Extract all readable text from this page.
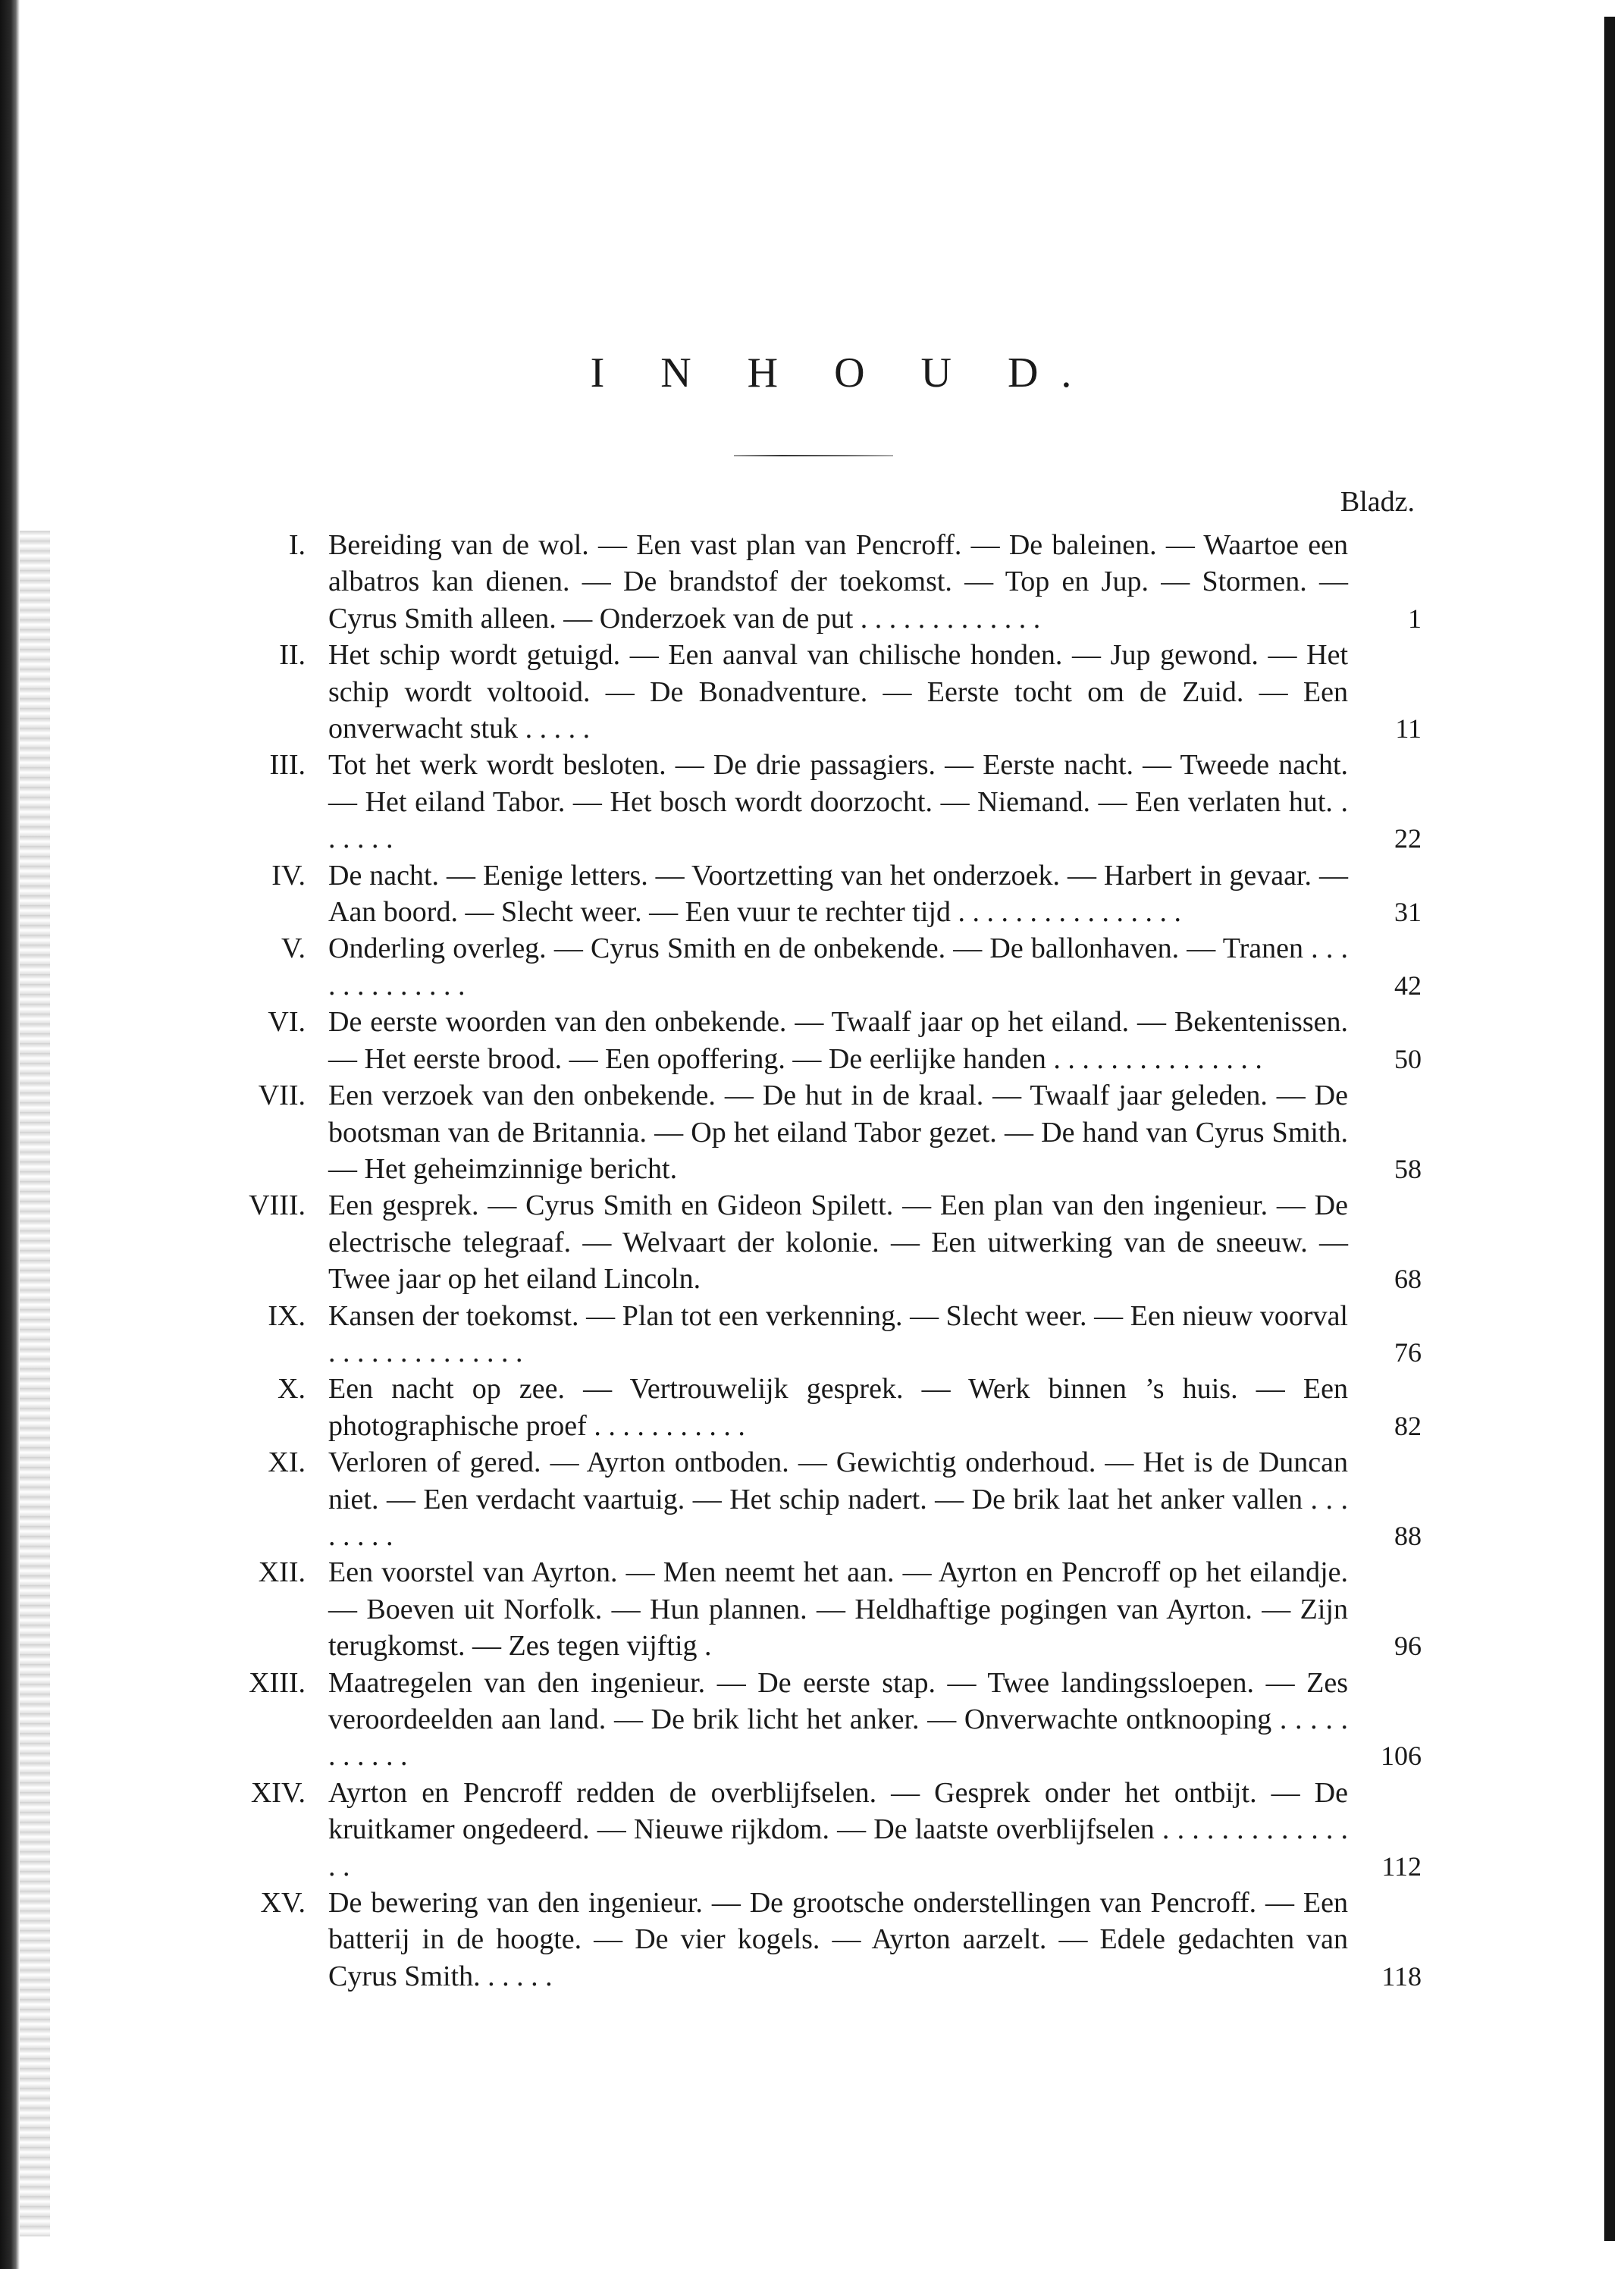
I N H O U D.
Bladz.
I. Bereiding van de wol. — Een vast plan van Pencroff. — De baleinen. — Waartoe een albatros kan dienen. — De brandstof der toekomst. — Top en Jup. — Stormen. — Cyrus Smith alleen. — Onderzoek van de put . . . . . . . . . . . . .	1
II. Het schip wordt getuigd. — Een aanval van chilische honden. — Jup gewond. — Het schip wordt voltooid. — De Bonadventure. — Eerste tocht om de Zuid. — Een onverwacht stuk . . . . .	11
III. Tot het werk wordt besloten. — De drie passagiers. — Eerste nacht. — Tweede nacht. — Het eiland Tabor. — Het bosch wordt doorzocht. — Niemand. — Een verlaten hut. . . . . . .	22
IV. De nacht. — Eenige letters. — Voortzetting van het onderzoek. — Harbert in gevaar. — Aan boord. — Slecht weer. — Een vuur te rechter tijd . . . . . . . . . . . . . . . .	31
V. Onderling overleg. — Cyrus Smith en de onbekende. — De ballonhaven. — Tranen . . . . . . . . . . . . .	42
VI. De eerste woorden van den onbekende. — Twaalf jaar op het eiland. — Bekentenissen. — Het eerste brood. — Een opoffering. — De eerlijke handen . . . . . . . . . . . . . . .	50
VII. Een verzoek van den onbekende. — De hut in de kraal. — Twaalf jaar geleden. — De bootsman van de Britannia. — Op het eiland Tabor gezet. — De hand van Cyrus Smith. — Het geheimzinnige bericht.	58
VIII. Een gesprek. — Cyrus Smith en Gideon Spilett. — Een plan van den ingenieur. — De electrische telegraaf. — Welvaart der kolonie. — Een uitwerking van de sneeuw. — Twee jaar op het eiland Lincoln.	68
IX. Kansen der toekomst. — Plan tot een verkenning. — Slecht weer. — Een nieuw voorval . . . . . . . . . . . . . .	76
X. Een nacht op zee. — Vertrouwelijk gesprek. — Werk binnen ’s huis. — Een photographische proef . . . . . . . . . . .	82
XI. Verloren of gered. — Ayrton ontboden. — Gewichtig onderhoud. — Het is de Duncan niet. — Een verdacht vaartuig. — Het schip nadert. — De brik laat het anker vallen . . . . . . . .	88
XII. Een voorstel van Ayrton. — Men neemt het aan. — Ayrton en Pencroff op het eilandje. — Boeven uit Norfolk. — Hun plannen. — Heldhaftige pogingen van Ayrton. — Zijn terugkomst. — Zes tegen vijftig .	96
XIII. Maatregelen van den ingenieur. — De eerste stap. — Twee landingssloepen. — Zes veroordeelden aan land. — De brik licht het anker. — Onverwachte ontknooping . . . . . . . . . . .	106
XIV. Ayrton en Pencroff redden de overblijfselen. — Gesprek onder het ontbijt. — De kruitkamer ongedeerd. — Nieuwe rijkdom. — De laatste overblijfselen . . . . . . . . . . . . . . .	112
XV. De bewering van den ingenieur. — De grootsche onderstellingen van Pencroff. — Een batterij in de hoogte. — De vier kogels. — Ayrton aarzelt. — Edele gedachten van Cyrus Smith. . . . . .	118
